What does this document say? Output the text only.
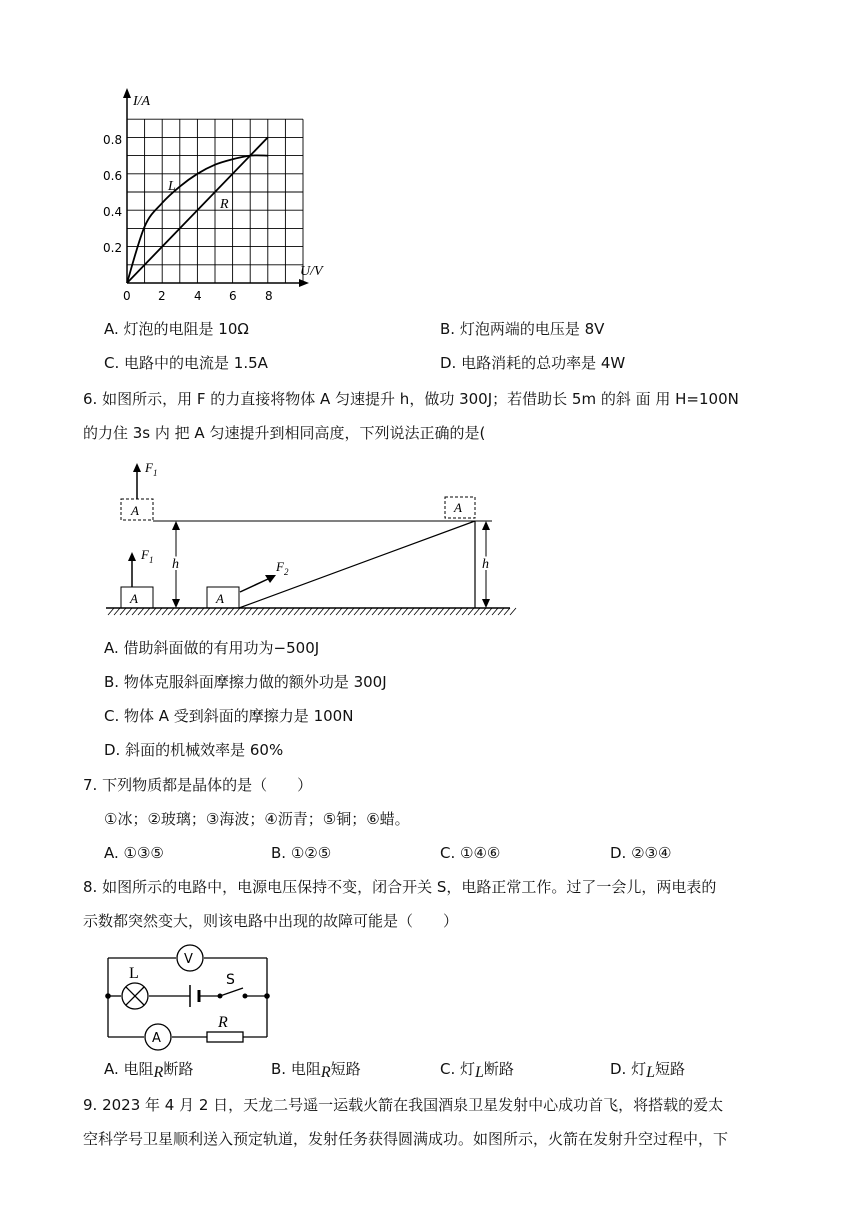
I/A
U/V
0.8
0.6
0.4
0.2
0 2 4 6 8
L
R
A. 灯泡的电阻是 10Ω	B. 灯泡两端的电压是 8V
C. 电路中的电流是 1.5A	D. 电路消耗的总功率是 4W
6. 如图所示，用 F 的力直接将物体 A 匀速提升 h，做功 300J；若借助长 5m 的斜 面 用 H=100N
的力住 3s 内 把 A 匀速提升到相同高度，下列说法正确的是(
A
$F_1$
h
A
$F_1$
A
$F_2$
A
h
A. 借助斜面做的有用功为−500J
B. 物体克服斜面摩擦力做的额外功是 300J
C. 物体 A 受到斜面的摩擦力是 100N
D. 斜面的机械效率是 60%
7. 下列物质都是晶体的是（　　）
①冰；②玻璃；③海波；④沥青；⑤铜；⑥蜡。
A. ①③⑤	B. ①②⑤	C. ①④⑥	D. ②③④
8. 如图所示的电路中，电源电压保持不变，闭合开关 S，电路正常工作。过了一会儿，两电表的
示数都突然变大，则该电路中出现的故障可能是（　　）
V
L	S
A
R
A. 电阻R断路	B. 电阻R短路	C. 灯L断路	D. 灯L短路
9. 2023 年 4 月 2 日，天龙二号遥一运载火箭在我国酒泉卫星发射中心成功首飞，将搭载的爱太
空科学号卫星顺利送入预定轨道，发射任务获得圆满成功。如图所示，火箭在发射升空过程中，下
